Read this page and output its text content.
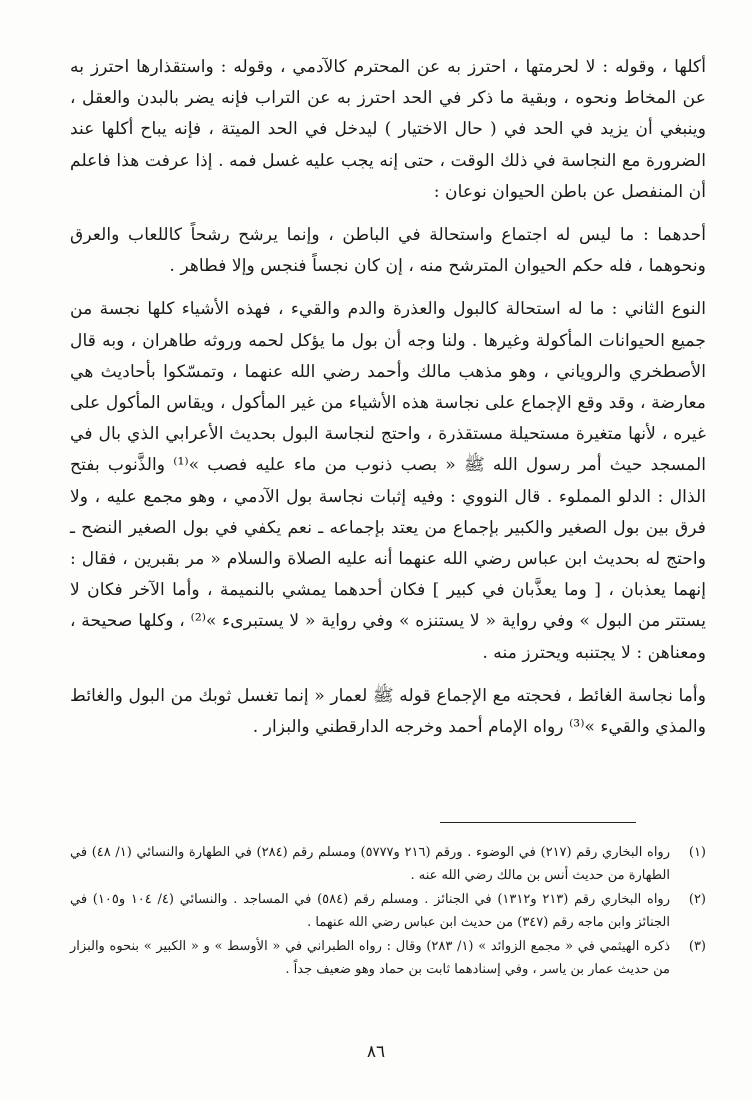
أكلها ، وقوله : لا لحرمتها ، احترز به عن المحترم كالآدمي ، وقوله : واستقذارها احترز به عن المخاط ونحوه ، وبقية ما ذكر في الحد احترز به عن التراب فإنه يضر بالبدن والعقل ، وينبغي أن يزيد في الحد في ( حال الاختيار ) ليدخل في الحد الميتة ، فإنه يباح أكلها عند الضرورة مع النجاسة في ذلك الوقت ، حتى إنه يجب عليه غسل فمه . إذا عرفت هذا فاعلم أن المنفصل عن باطن الحيوان نوعان :

أحدهما : ما ليس له اجتماع واستحالة في الباطن ، وإنما يرشح رشحاً كاللعاب والعرق ونحوهما ، فله حكم الحيوان المترشح منه ، إن كان نجساً فنجس وإلا فطاهر .

النوع الثاني : ما له استحالة كالبول والعذرة والدم والقيء ، فهذه الأشياء كلها نجسة من جميع الحيوانات المأكولة وغيرها . ولنا وجه أن بول ما يؤكل لحمه وروثه طاهران ، وبه قال الأصطخري والروياني ، وهو مذهب مالك وأحمد رضي الله عنهما ، وتمسّكوا بأحاديث هي معارضة ، وقد وقع الإجماع على نجاسة هذه الأشياء من غير المأكول ، ويقاس المأكول على غيره ، لأنها متغيرة مستحيلة مستقذرة ، واحتج لنجاسة البول بحديث الأعرابي الذي بال في المسجد حيث أمر رسول الله ﷺ « بصب ذنوب من ماء عليه فصب »⁽¹⁾ والذَّنوب بفتح الذال : الدلو المملوء . قال النووي : وفيه إثبات نجاسة بول الآدمي ، وهو مجمع عليه ، ولا فرق بين بول الصغير والكبير بإجماع من يعتد بإجماعه ـ نعم يكفي في بول الصغير النضح ـ واحتج له بحديث ابن عباس رضي الله عنهما أنه عليه الصلاة والسلام « مر بقبرين ، فقال : إنهما يعذبان ، [ وما يعذَّبان في كبير ] فكان أحدهما يمشي بالنميمة ، وأما الآخر فكان لا يستتر من البول » وفي رواية « لا يستنزه » وفي رواية « لا يستبرىء »⁽²⁾ ، وكلها صحيحة ، ومعناهن : لا يجتنبه ويحترز منه .

وأما نجاسة الغائط ، فحجته مع الإجماع قوله ﷺ لعمار « إنما تغسل ثوبك من البول والغائط والمذي والقيء »⁽³⁾ رواه الإمام أحمد وخرجه الدارقطني والبزار .

(١)
رواه البخاري رقم (٢١٧) في الوضوء . ورقم (٢١٦ و٥٧٧٧) ومسلم رقم (٢٨٤) في الطهارة والنسائي (١/ ٤٨) في الطهارة من حديث أنس بن مالك رضي الله عنه .
(٢)
رواه البخاري رقم (٢١٣ و١٣١٢) في الجنائز . ومسلم رقم (٥٨٤) في المساجد . والنسائي (٤/ ١٠٤ و١٠٥) في الجنائز وابن ماجه رقم (٣٤٧) من حديث ابن عباس رضي الله عنهما .
(٣)
ذكره الهيثمي في « مجمع الزوائد » (١/ ٢٨٣) وقال : رواه الطبراني في « الأوسط » و « الكبير » بنحوه والبزار من حديث عمار بن ياسر ، وفي إسنادهما ثابت بن حماد وهو ضعيف جداً .
٨٦
